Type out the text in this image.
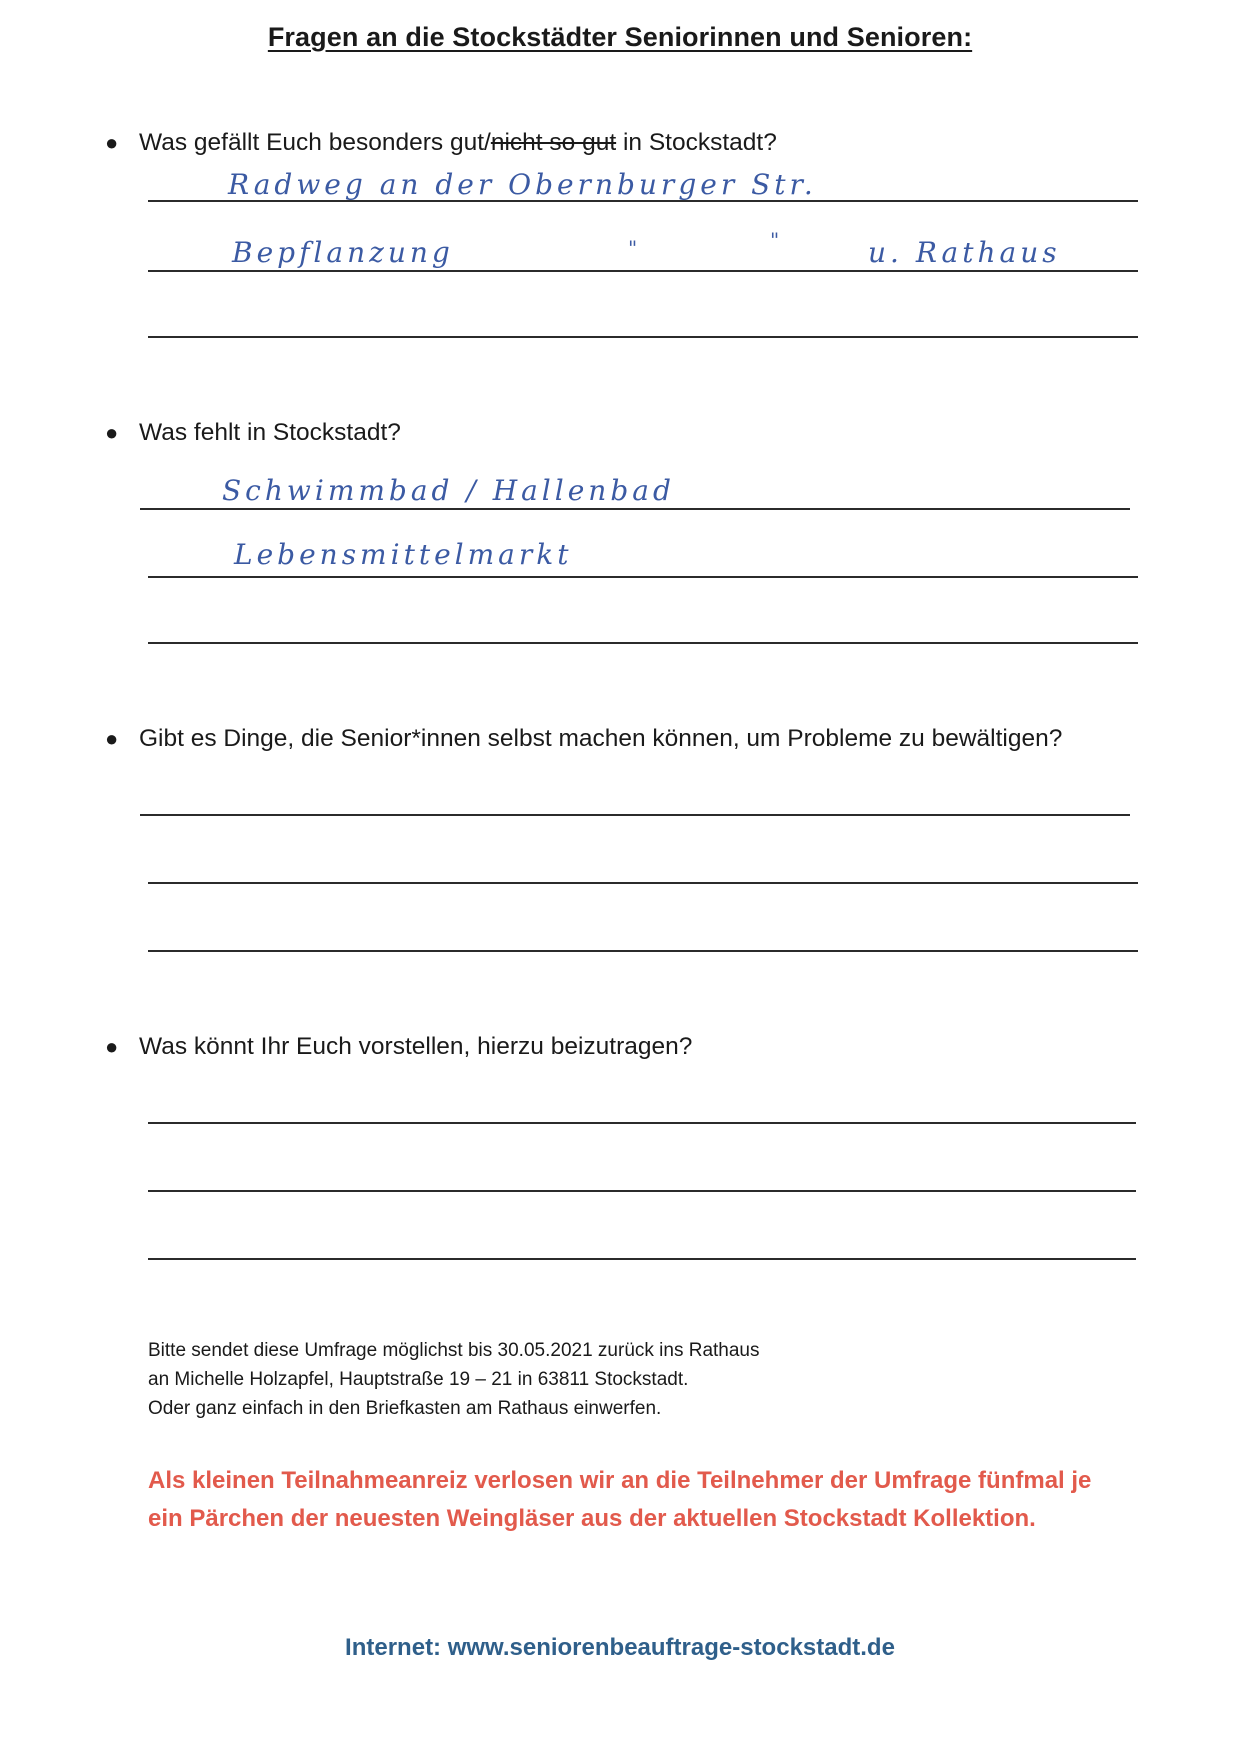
Fragen an die Stockstädter Seniorinnen und Senioren:
● Was gefällt Euch besonders gut/nicht so gut in Stockstadt?
Radweg an der Obernburger Str.
Bepflanzung	"	"	u. Rathaus
● Was fehlt in Stockstadt?
Schwimmbad / Hallenbad
Lebensmittelmarkt
● Gibt es Dinge, die Senior*innen selbst machen können, um Probleme zu bewältigen?
● Was könnt Ihr Euch vorstellen, hierzu beizutragen?
Bitte sendet diese Umfrage möglichst bis 30.05.2021 zurück ins Rathaus
an Michelle Holzapfel, Hauptstraße 19 – 21 in 63811 Stockstadt.
Oder ganz einfach in den Briefkasten am Rathaus einwerfen.
Als kleinen Teilnahmeanreiz verlosen wir an die Teilnehmer der Umfrage fünfmal je
ein Pärchen der neuesten Weingläser aus der aktuellen Stockstadt Kollektion.
Internet: www.seniorenbeauftrage-stockstadt.de
